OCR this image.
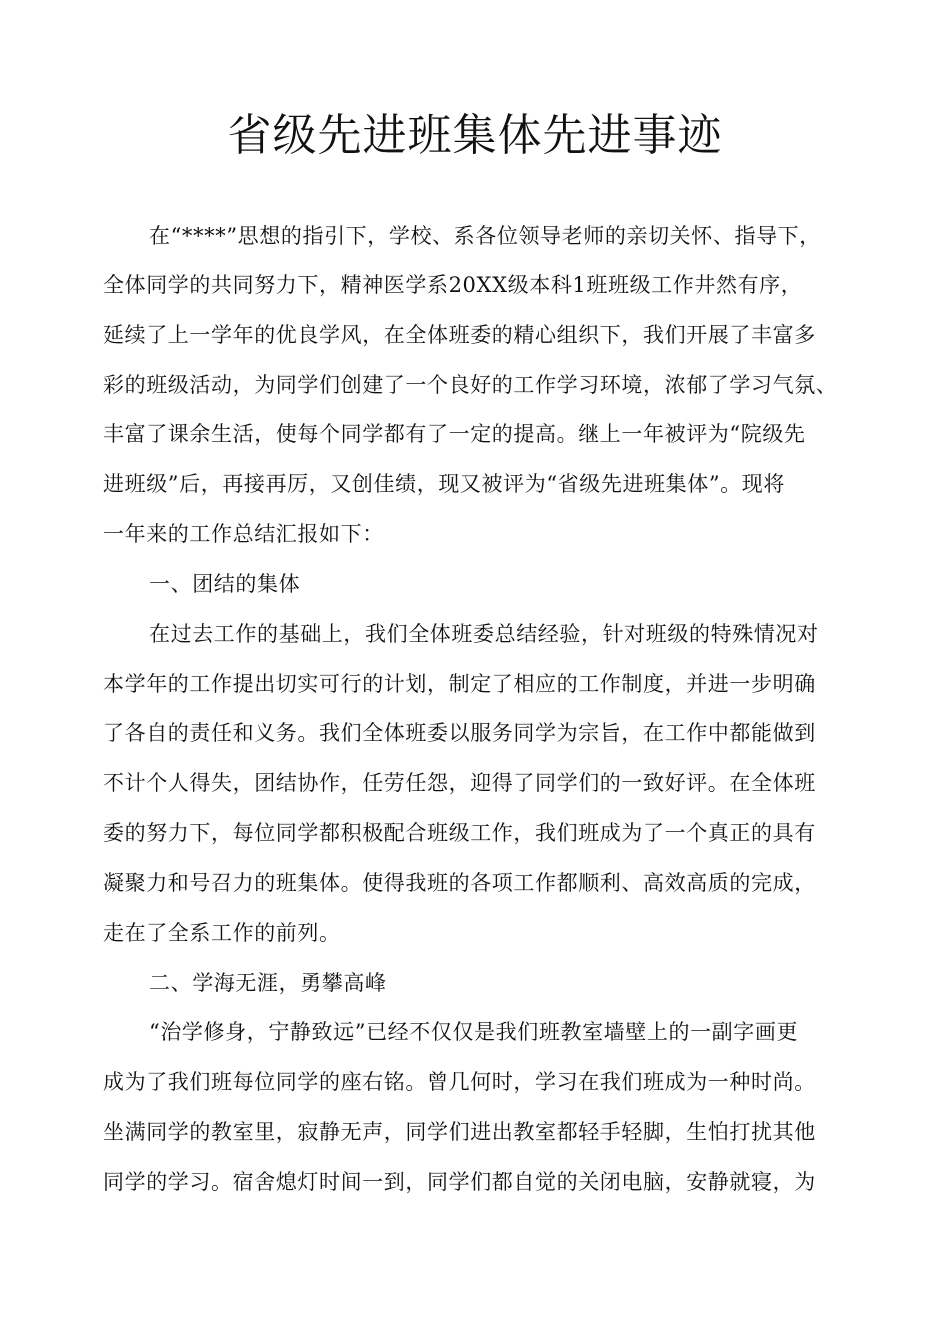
省级先进班集体先进事迹
在“****”思想的指引下，学校、系各位领导老师的亲切关怀、指导下，
全体同学的共同努力下，精神医学系20XX级本科1班班级工作井然有序，
延续了上一学年的优良学风，在全体班委的精心组织下，我们开展了丰富多
彩的班级活动，为同学们创建了一个良好的工作学习环境，浓郁了学习气氛、
丰富了课余生活，使每个同学都有了一定的提高。继上一年被评为“院级先
进班级”后，再接再厉，又创佳绩，现又被评为“省级先进班集体”。现将
一年来的工作总结汇报如下：
一、团结的集体
在过去工作的基础上，我们全体班委总结经验，针对班级的特殊情况对
本学年的工作提出切实可行的计划，制定了相应的工作制度，并进一步明确
了各自的责任和义务。我们全体班委以服务同学为宗旨，在工作中都能做到
不计个人得失，团结协作，任劳任怨，迎得了同学们的一致好评。在全体班
委的努力下，每位同学都积极配合班级工作，我们班成为了一个真正的具有
凝聚力和号召力的班集体。使得我班的各项工作都顺利、高效高质的完成，
走在了全系工作的前列。
二、学海无涯，勇攀高峰
“治学修身，宁静致远”已经不仅仅是我们班教室墙壁上的一副字画更
成为了我们班每位同学的座右铭。曾几何时，学习在我们班成为一种时尚。
坐满同学的教室里，寂静无声，同学们进出教室都轻手轻脚，生怕打扰其他
同学的学习。宿舍熄灯时间一到，同学们都自觉的关闭电脑，安静就寝，为
